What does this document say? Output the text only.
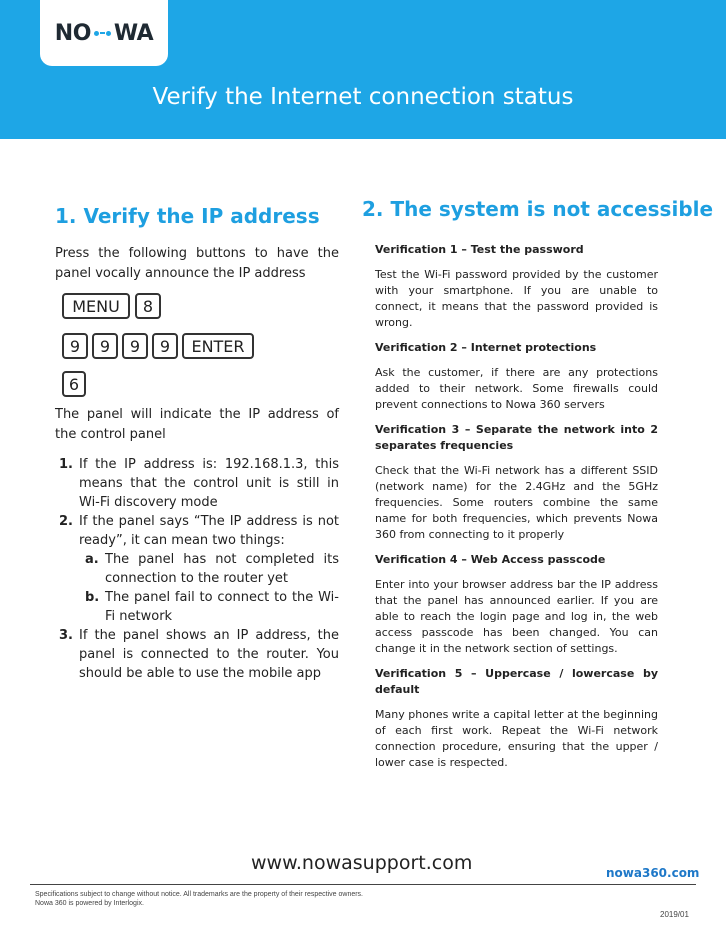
NO WA
Verify the Internet connection status
1. Verify the IP address

Press the following buttons to have the panel vocally announce the IP address

MENU	8
9	9	9	9	ENTER
6

The panel will indicate the IP address of the control panel

1. If the IP address is: 192.168.1.3, this means that the control unit is still in Wi-Fi discovery mode
2. If the panel says “The IP address is not ready”, it can mean two things:
a. The panel has not completed its connection to the router yet
b. The panel fail to connect to the Wi-Fi network
3. If the panel shows an IP address, the panel is connected to the router. You should be able to use the mobile app
2. The system is not accessible
Verification 1 – Test the password
Test the Wi-Fi password provided by the customer with your smartphone. If you are unable to connect, it means that the password provided is wrong.
Verification 2 – Internet protections
Ask the customer, if there are any protections added to their network. Some firewalls could prevent connections to Nowa 360 servers
Verification 3 – Separate the network into 2 separates frequencies
Check that the Wi-Fi network has a different SSID (network name) for the 2.4GHz and the 5GHz frequencies. Some routers combine the same name for both frequencies, which prevents Nowa 360 from connecting to it properly
Verification 4 – Web Access passcode
Enter into your browser address bar the IP address that the panel has announced earlier. If you are able to reach the login page and log in, the web access passcode has been changed. You can change it in the network section of settings.
Verification 5 – Uppercase / lowercase by default
Many phones write a capital letter at the beginning of each first work. Repeat the Wi-Fi network connection procedure, ensuring that the upper / lower case is respected.
www.nowasupport.com	nowa360.com
Specifications subject to change without notice. All trademarks are the property of their respective owners.
Nowa 360 is powered by Interlogix.
2019/01
